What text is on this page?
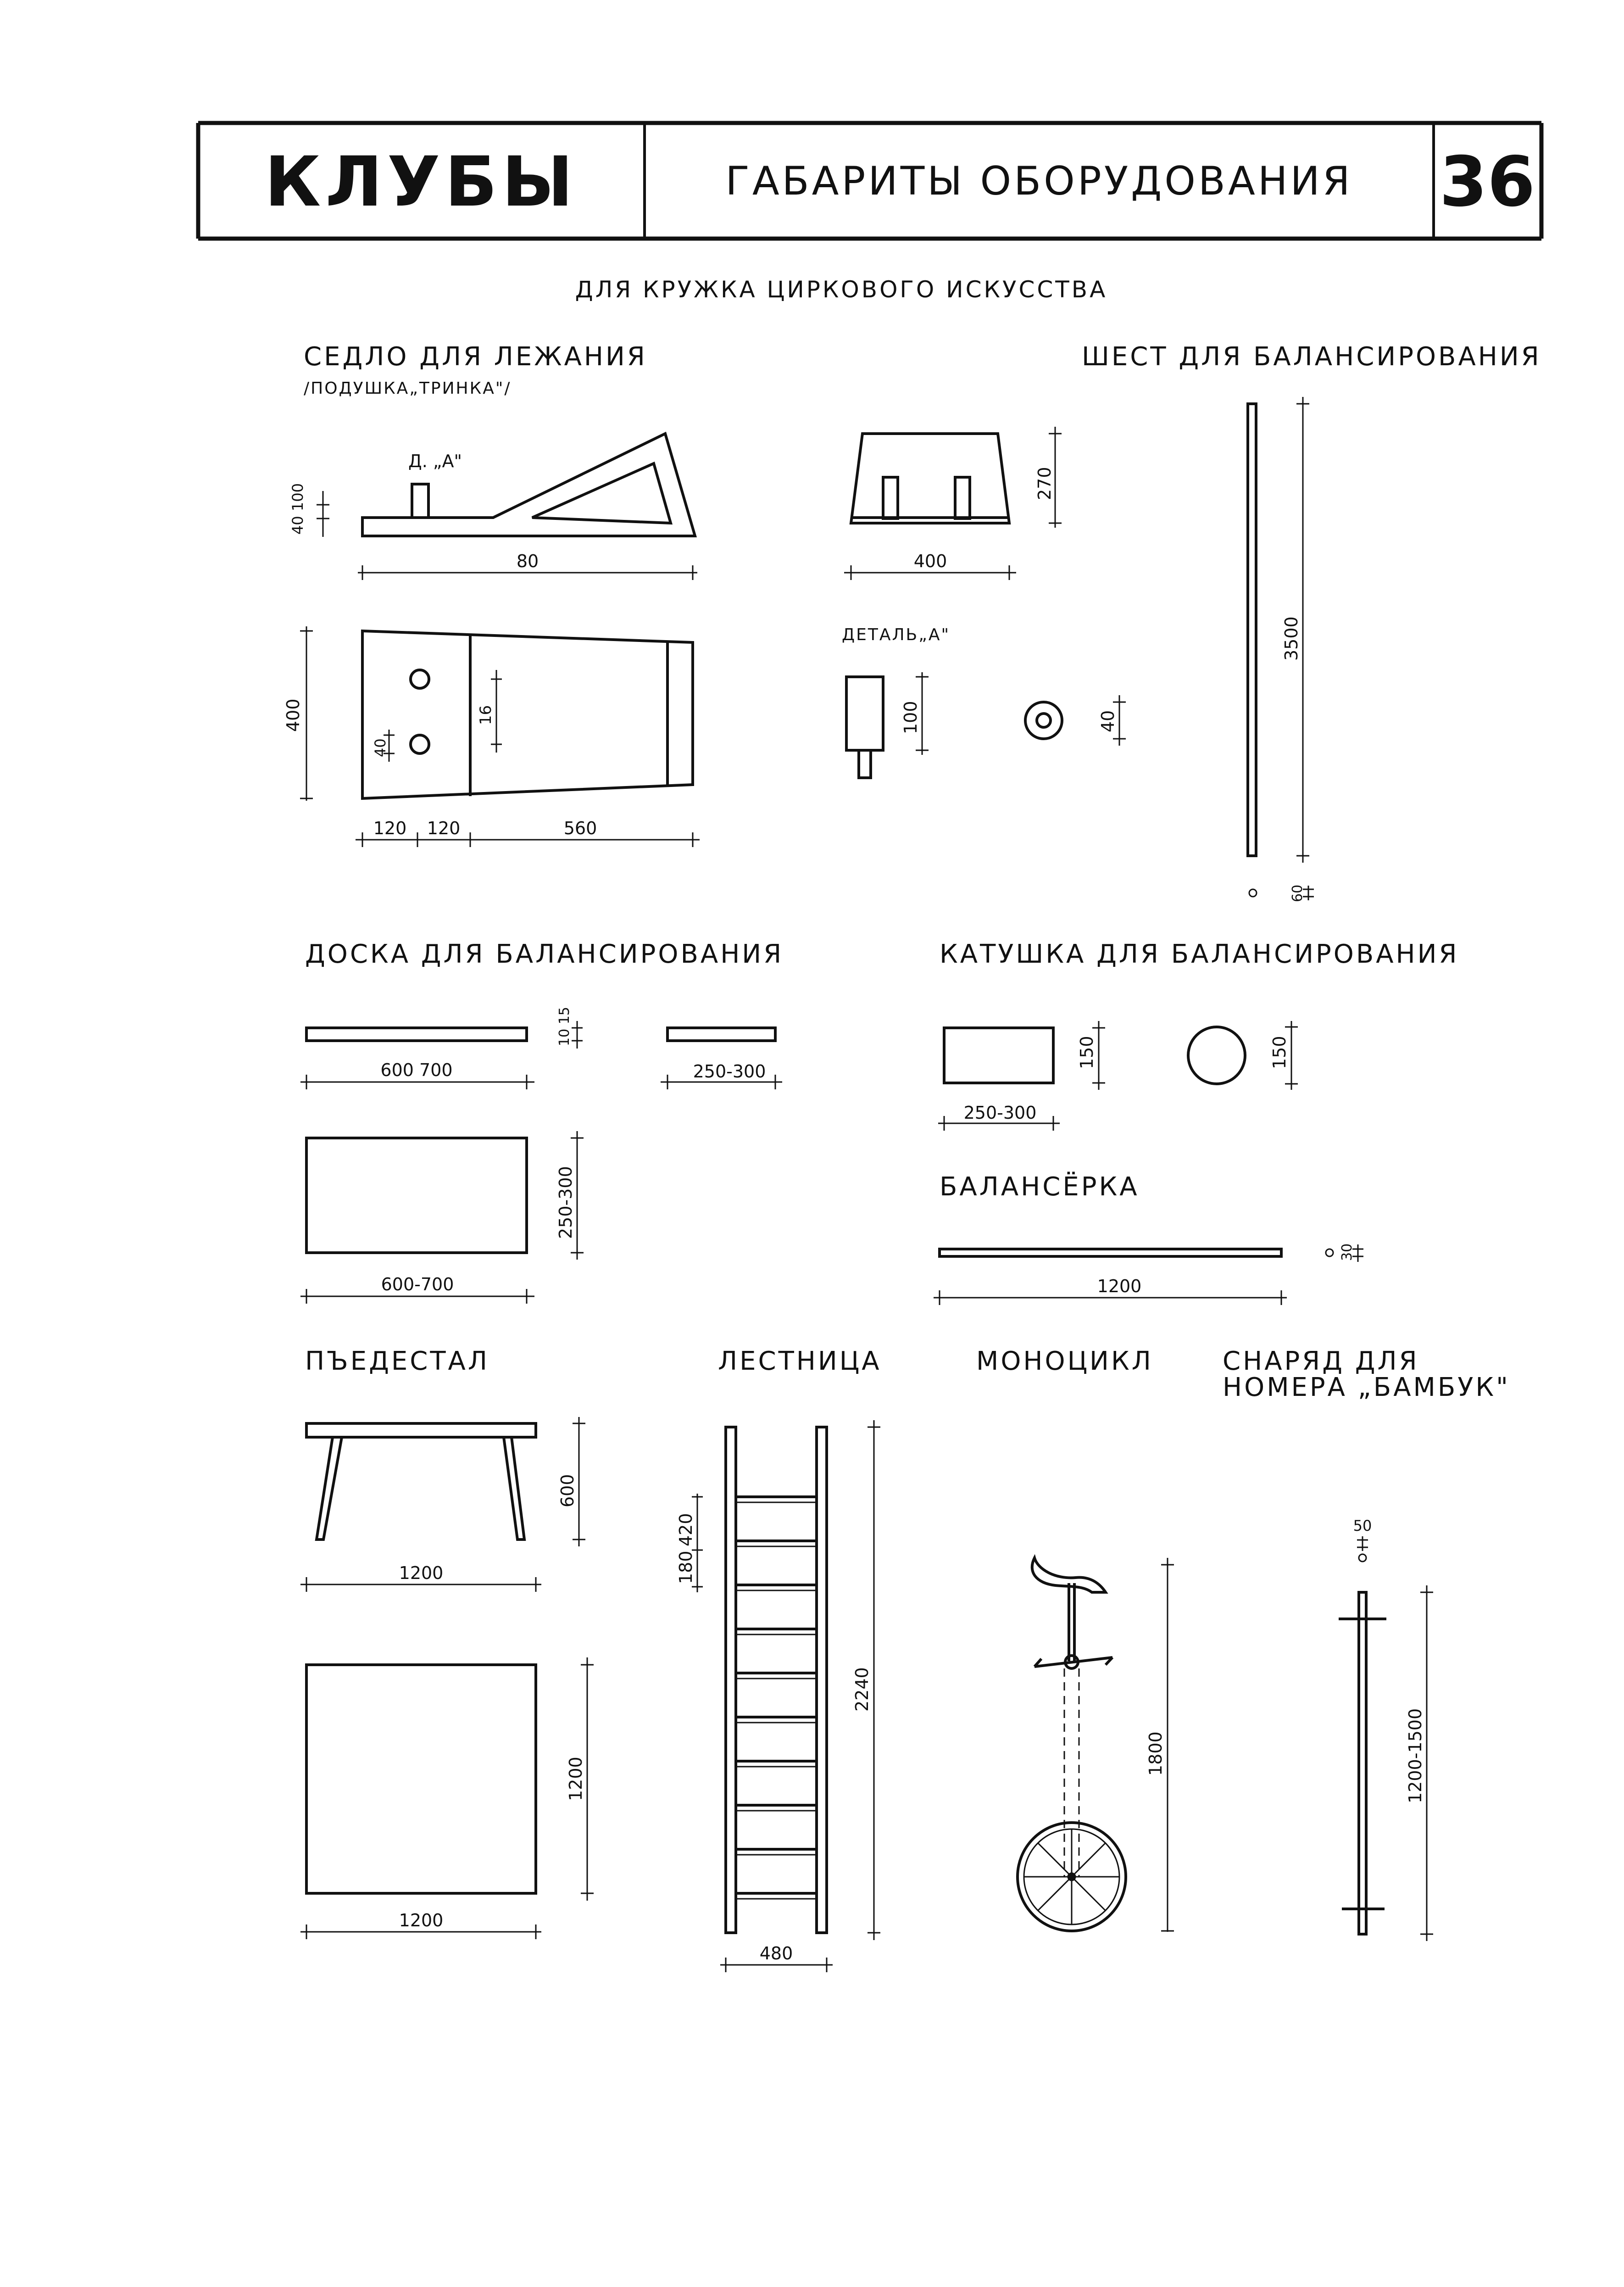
КЛУБЫ	ГАБАРИТЫ ОБОРУДОВАНИЯ 36
ДЛЯ КРУЖКА ЦИРКОВОГО ИСКУССТВА
СЕДЛО ДЛЯ ЛЕЖАНИЯ
/ПОДУШКА„ТРИНКА"/
Д. „А"
40 100
80
400	16
40
120 120	560
270
400
ДЕТАЛЬ„А"
100	40
ШЕСТ ДЛЯ БАЛАНСИРОВАНИЯ
3500
60
ДОСКА ДЛЯ БАЛАНСИРОВАНИЯ
10 15
600 700	250-300
250-300
600-700
КАТУШКА ДЛЯ БАЛАНСИРОВАНИЯ
150
250-300
150
БАЛАНСЁРКА
1200
30
ПЪЕДЕСТАЛ
600
1200
1200
1200
ЛЕСТНИЦА
420
180
2240
480
МОНОЦИКЛ
1800
СНАРЯД ДЛЯ
НОМЕРА „БАМБУК"
50
1200-1500
